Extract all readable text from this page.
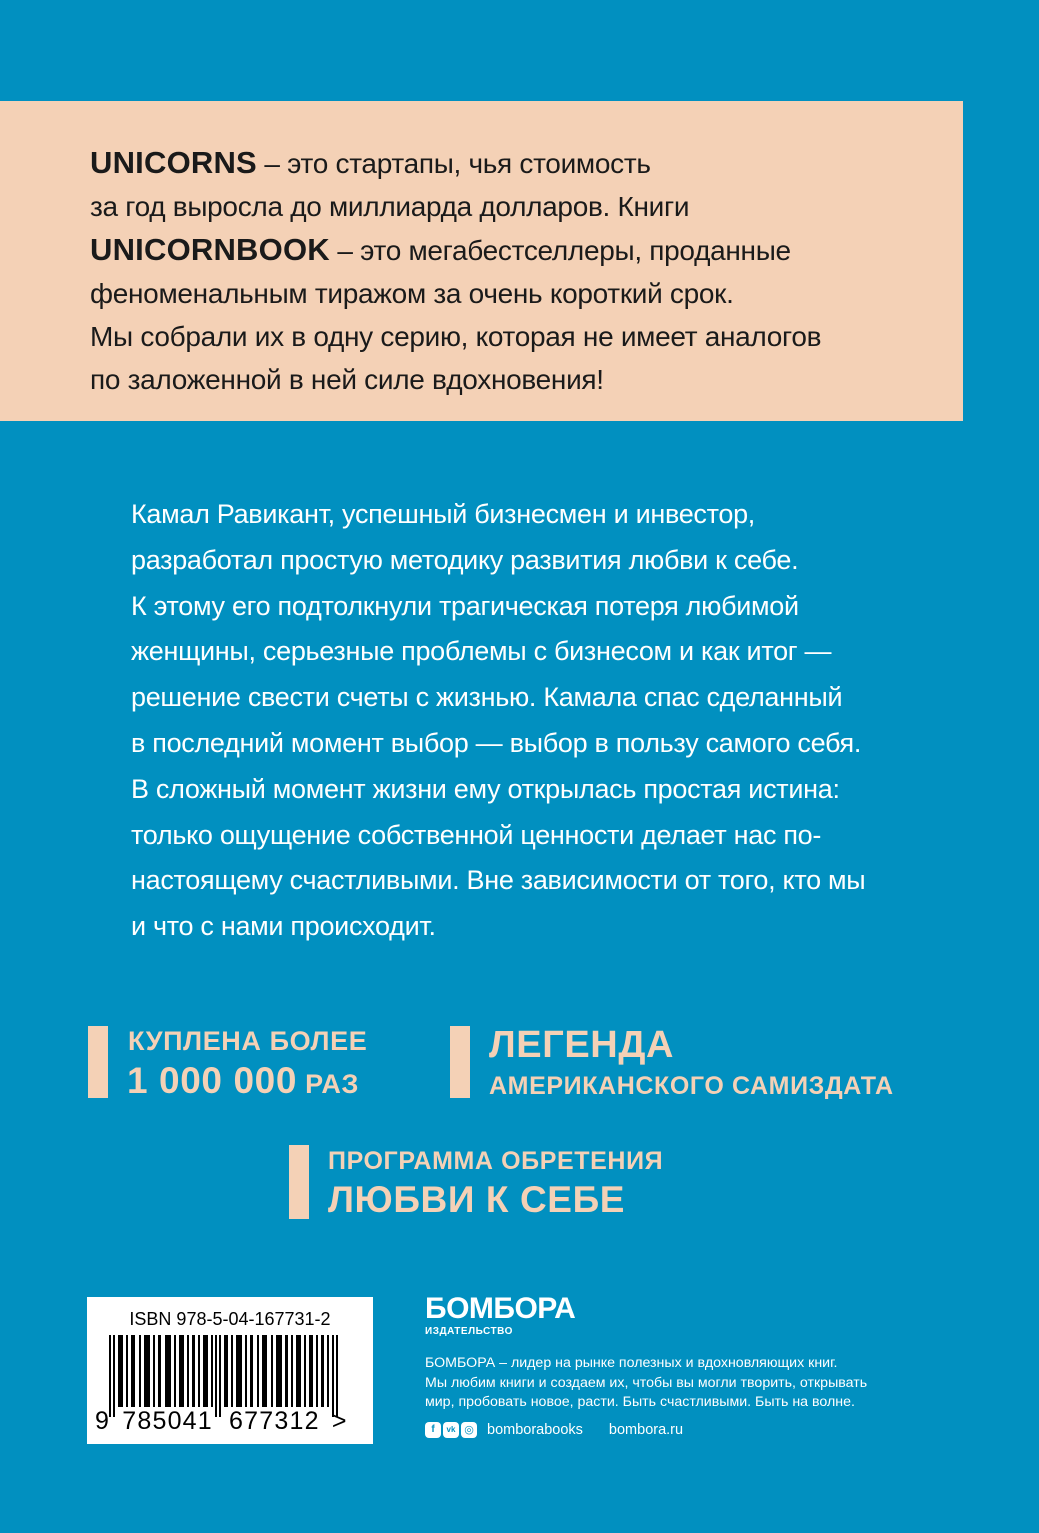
UNICORNS – это стартапы, чья стоимость
за год выросла до миллиарда долларов. Книги
UNICORNBOOK – это мегабестселлеры, проданные
феноменальным тиражом за очень короткий срок.
Мы собрали их в одну серию, которая не имеет аналогов
по заложенной в ней силе вдохновения!
Камал Равикант, успешный бизнесмен и инвестор,
разработал простую методику развития любви к себе.
К этому его подтолкнули трагическая потеря любимой
женщины, серьезные проблемы с бизнесом и как итог —
решение свести счеты с жизнью. Камала спас сделанный
в последний момент выбор — выбор в пользу самого себя.
В сложный момент жизни ему открылась простая истина:
только ощущение собственной ценности делает нас по-
настоящему счастливыми. Вне зависимости от того, кто мы
и что с нами происходит.
КУПЛЕНА БОЛЕЕ
1 000 000 РАЗ
ЛЕГЕНДА
АМЕРИКАНСКОГО САМИЗДАТА
ПРОГРАММА ОБРЕТЕНИЯ
ЛЮБВИ К СЕБЕ
ISBN 978-5-04-167731-2
9 785041 677312 >
БОМБОРА
ИЗДАТЕЛЬСТВО
БОМБОРА – лидер на рынке полезных и вдохновляющих книг.
Мы любим книги и создаем их, чтобы вы могли творить, открывать
мир, пробовать новое, расти. Быть счастливыми. Быть на волне.
f	vk ◎ bomborabooks bombora.ru
